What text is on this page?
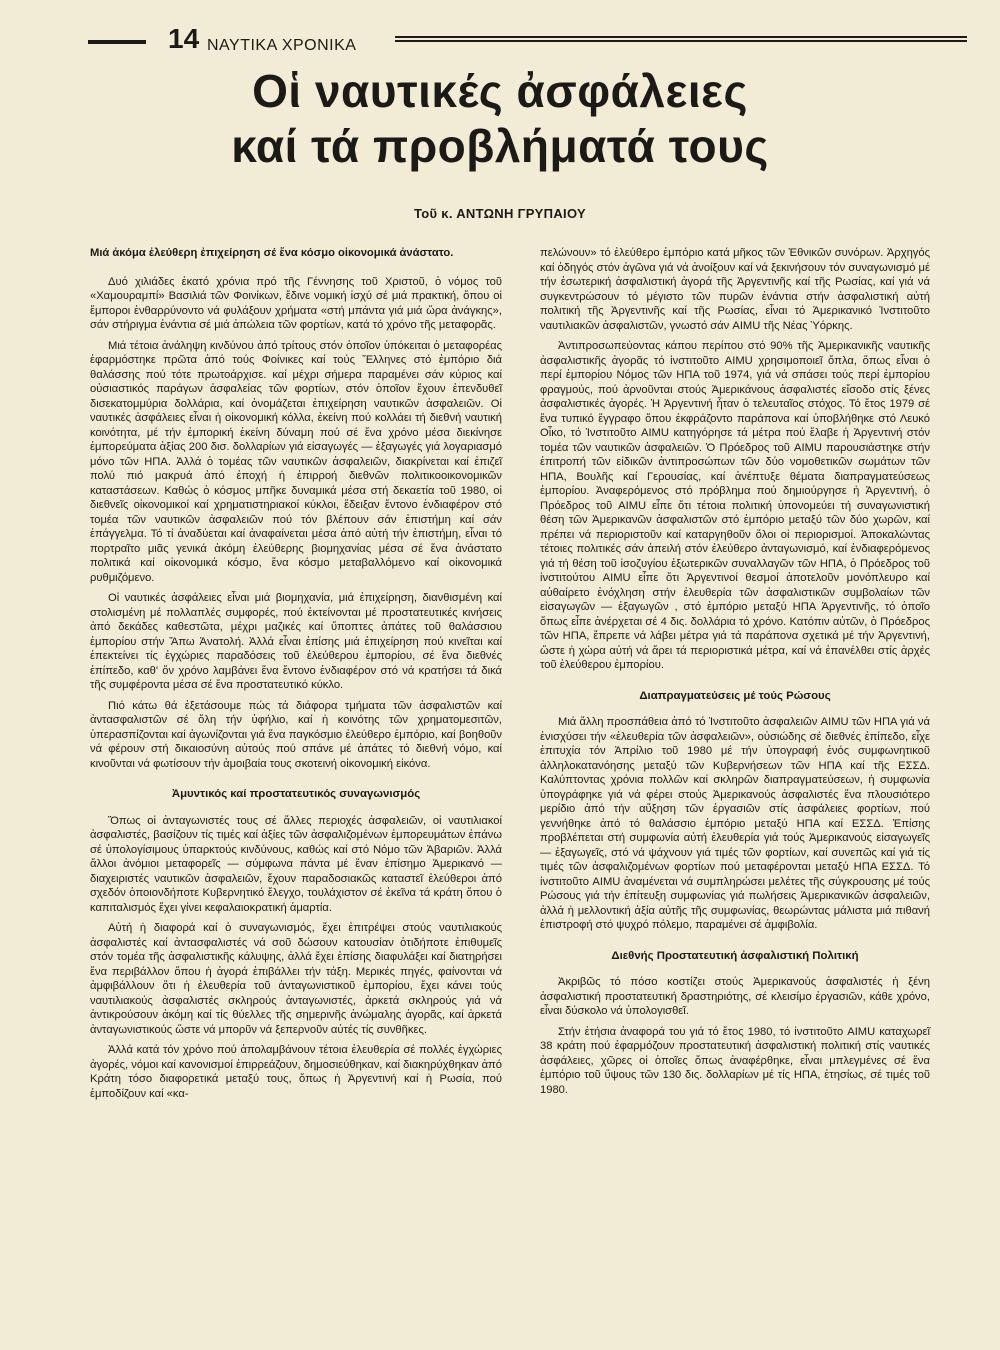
14 ΝΑΥΤΙΚΑ ΧΡΟΝΙΚΑ
Οἱ ναυτικές ἀσφάλειες
καί τά προβλήματά τους
Τοῦ κ. ΑΝΤΩΝΗ ΓΡΥΠΑΙΟΥ

Μιά ἀκόμα ἐλεύθερη ἐπιχείρηση σέ ἕνα κόσμο οἰκονομικά ἀνάστατο.

Δυό χιλιάδες ἑκατό χρόνια πρό τῆς Γέννησης τοῦ Χριστοῦ, ὁ νόμος τοῦ «Χαμουραμπί» Βασιλιά τῶν Φοινίκων, ἔδινε νομική ἰσχύ σέ μιά πρακτική, ὅπου οἱ ἔμποροι ἐνθαρρύνοντο νά φυλάξουν χρήματα «στή μπάντα γιά μιά ὥρα ἀνάγκης», σάν στήριγμα ἐνάντια σέ μιά ἀπώλεια τῶν φορτίων, κατά τό χρόνο τῆς μεταφορᾶς.

Μιά τέτοια ἀνάληψη κινδύνου ἀπό τρίτους στόν ὁποῖον ὑπόκειται ὁ μεταφορέας ἐφαρμόστηκε πρῶτα ἀπό τούς Φοίνικες καί τούς Ἕλληνες στό ἐμπόριο διά θαλάσσης πού τότε πρωτοάρχισε. καί μέχρι σήμερα παραμένει σάν κύριος καί οὐσιαστικός παράγων ἀσφαλείας τῶν φορτίων, στόν ὁποῖον ἔχουν ἐπενδυθεῖ δισεκατομμύρια δολλάρια, καί ὀνομάζεται ἐπιχείρηση ναυτικῶν ἀσφαλειῶν. Οἱ ναυτικές ἀσφάλειες εἶναι ἡ οἰκονομική κόλλα, ἐκείνη πού κολλάει τή διεθνή ναυτική κοινότητα, μέ τήν ἐμπορική ἐκείνη δύναμη πού σέ ἕνα χρόνο μέσα διεκίνησε ἐμπορεύματα ἀξίας 200 δισ. δολλαρίων γιά εἰσαγωγές — ἐξαγωγές γιά λογαριασμό μόνο τῶν ΗΠΑ. Ἀλλά ὁ τομέας τῶν ναυτικῶν ἀσφαλειῶν, διακρίνεται καί ἐπιζεῖ πολύ πιό μακρυά ἀπό ἐποχή ἡ ἐπιρροή διεθνῶν πολιτικοοικονομικῶν καταστάσεων. Καθώς ὁ κόσμος μπῆκε δυναμικά μέσα στή δεκαετία τοῦ 1980, οἱ διεθνεῖς οἰκονομικοί καί χρηματιστηριακοί κύκλοι, ἔδειξαν ἔντονο ἐνδιαφέρον στό τομέα τῶν ναυτικῶν ἀσφαλειῶν πού τόν βλέπουν σάν ἐπιστήμη καί σάν ἐπάγγελμα. Τό τί ἀναδύεται καί ἀναφαίνεται μέσα ἀπό αὐτή τήν ἐπιστήμη, εἶναι τό πορτραῖτο μιᾶς γενικά ἀκόμη ἐλεύθερης βιομηχανίας μέσα σέ ἕνα ἀνάστατο πολιτικά καί οἰκονομικά κόσμο, ἕνα κόσμο μεταβαλλόμενο καί οἰκονομικά ρυθμιζόμενο.

Οἱ ναυτικές ἀσφάλειες εἶναι μιά βιομηχανία, μιά ἐπιχείρηση, διανθισμένη καί στολισμένη μέ πολλαπλές συμφορές, πού ἐκτείνονται μέ προστατευτικές κινήσεις ἀπό δεκάδες καθεστῶτα, μέχρι μαζικές καί ὕποπτες ἀπάτες τοῦ θαλάσσιου ἐμπορίου στήν Ἄπω Ἀνατολή. Ἀλλά εἶναι ἐπίσης μιά ἐπιχείρηση πού κινεῖται καί ἐπεκτείνει τίς ἐγχώριες παραδόσεις τοῦ ἐλεύθερου ἐμπορίου, σέ ἕνα διεθνές ἐπίπεδο, καθ' ὅν χρόνο λαμβάνει ἕνα ἔντονο ἐνδιαφέρον στό νά κρατήσει τά δικά τῆς συμφέροντα μέσα σέ ἕνα προστατευτικό κύκλο.

Πιό κάτω θά ἐξετάσουμε πώς τά διάφορα τμήματα τῶν ἀσφαλιστῶν καί ἀντασφαλιστῶν σέ ὅλη τήν ὑφήλιο, καί ἡ κοινότης τῶν χρηματομεσιτῶν, ὑπερασπίζονται καί ἀγωνίζονται γιά ἕνα παγκόσμιο ἐλεύθερο ἐμπόριο, καί βοηθοῦν νά φέρουν στή δικαιοσύνη αὐτούς πού σπάνε μέ ἀπάτες τό διεθνή νόμο, καί κινοῦνται νά φωτίσουν τήν ἀμοιβαία τους σκοτεινή οἰκονομική εἰκόνα.

Ἀμυντικός καί προστατευτικός συναγωνισμός

Ὅπως οἱ ἀνταγωνιστές τους σέ ἄλλες περιοχές ἀσφαλειῶν, οἱ ναυτιλιακοί ἀσφαλιστές, βασίζουν τίς τιμές καί ἀξίες τῶν ἀσφαλιζομένων ἐμπορευμάτων ἐπάνω σέ ὑπολογίσιμους ὑπαρκτούς κινδύνους, καθώς καί στό Νόμο τῶν Ἀβαριῶν. Ἀλλά ἄλλοι ἀνόμιοι μεταφορεῖς — σύμφωνα πάντα μέ ἕναν ἐπίσημο Ἀμερικανό — διαχειριστές ναυτικῶν ἀσφαλειῶν, ἔχουν παραδοσιακῶς καταστεῖ ἐλεύθεροι ἀπό σχεδόν ὁποιονδήποτε Κυβερνητικό ἔλεγχο, τουλάχιστον σέ ἐκεῖνα τά κράτη ὅπου ὁ καπιταλισμός ἔχει γίνει κεφαλαιοκρατική ἁμαρτία.

Αὐτή ἡ διαφορά καί ὁ συναγωνισμός, ἔχει ἐπιτρέψει στούς ναυτιλιακούς ἀσφαλιστές καί ἀντασφαλιστές νά σοῦ δώσουν κατουσίαν ὁτιδήποτε ἐπιθυμεῖς στόν τομέα τῆς ἀσφαλιστικῆς κάλυψης, ἀλλά ἔχει ἐπίσης διαφυλάξει καί διατηρήσει ἕνα περιβάλλον ὅπου ἡ ἀγορά ἐπιβάλλει τήν τάξη. Μερικές πηγές, φαίνονται νά ἀμφιβάλλουν ὅτι ἡ ἐλευθερία τοῦ ἀνταγωνιστικοῦ ἐμπορίου, ἔχει κάνει τούς ναυτιλιακούς ἀσφαλιστές σκληρούς ἀνταγωνιστές, ἀρκετά σκληρούς γιά νά ἀντικρούσουν ἀκόμη καί τίς θύελλες τῆς σημερινῆς ἀνώμαλης ἀγορᾶς, καί ἀρκετά ἀνταγωνιστικούς ὥστε νά μπορῦν νά ξεπερνοῦν αὐτές τίς συνθῆκες.

Ἀλλά κατά τόν χρόνο πού ἀπολαμβάνουν τέτοια ἐλευθερία σέ πολλές ἐγχώριες ἀγορές, νόμοι καί κανονισμοί ἐπιρρεάζουν, δημοσιεύθηκαν, καί διακηρύχθηκαν ἀπό Κράτη τόσο διαφορετικά μεταξύ τους, ὅπως ἡ Ἀργεντινή καί ἡ Ρωσία, πού ἐμποδίζουν καί «κα-

πελώνουν» τό ἐλεύθερο ἐμπόριο κατά μῆκος τῶν Ἐθνικῶν συνόρων. Ἀρχηγός καί ὁδηγός στόν ἀγῶνα γιά νά ἀνοίξουν καί νά ξεκινήσουν τόν συναγωνισμό μέ τήν ἐσωτερική ἀσφαλιστική ἀγορά τῆς Ἀργεντινῆς καί τῆς Ρωσίας, καί γιά νά συγκεντρώσουν τό μέγιστο τῶν πυρῶν ἐνάντια στήν ἀσφαλιστική αὐτή πολιτική τῆς Ἀργεντινῆς καί τῆς Ρωσίας, εἶναι τό Ἀμερικανικό Ἰνστιτοῦτο ναυτιλιακῶν ἀσφαλιστῶν, γνωστό σάν AIMU τῆς Νέας Ὑόρκης.

Ἀντιπροσωπεύοντας κάπου περίπου στό 90% τῆς Ἀμερικανικῆς ναυτικῆς ἀσφαλιστικῆς ἀγορᾶς τό ἰνστιτοῦτο AIMU χρησιμοποιεῖ ὅπλα, ὅπως εἶναι ὁ περί ἐμπορίου Νόμος τῶν ΗΠΑ τοῦ 1974, γιά νά σπάσει τούς περί ἐμπορίου φραγμούς, πού ἀρνοῦνται στούς Ἀμερικάνους ἀσφαλιστές εἴσοδο στίς ξένες ἀσφαλιστικές ἀγορές. Ἡ Ἀργεντινή ἦταν ὁ τελευταῖος στόχος. Τό ἔτος 1979 σέ ἕνα τυπικό ἔγγραφο ὅπου ἐκφράζοντο παράπονα καί ὑποβλήθηκε στό Λευκό Οἶκο, τό Ἰνστιτοῦτο AIMU κατηγόρησε τά μέτρα πού ἔλαβε ἡ Ἀργεντινή στόν τομέα τῶν ναυτικῶν ἀσφαλειῶν. Ὁ Πρόεδρος τοῦ AIMU παρουσιάστηκε στήν ἐπιτροπή τῶν εἰδικῶν ἀντιπροσώπων τῶν δύο νομοθετικῶν σωμάτων τῶν ΗΠΑ, Βουλῆς καί Γερουσίας, καί ἀνέπτυξε θέματα διαπραγματεύσεως ἐμπορίου. Ἀναφερόμενος στό πρόβλημα πού δημιούργησε ἡ Ἀργεντινή, ὁ Πρόεδρος τοῦ AIMU εἶπε ὅτι τέτοια πολιτική ὑπονομεύει τή συναγωνιστική θέση τῶν Ἀμερικανῶν ἀσφαλιστῶν στό ἐμπόριο μεταξύ τῶν δύο χωρῶν, καί πρέπει νά περιοριστοῦν καί καταργηθοῦν ὅλοι οἱ περιορισμοί. Ἀποκαλώντας τέτοιες πολιτικές σάν ἀπειλή στόν ἐλεύθερο ἀνταγωνισμό, καί ἐνδιαφερόμενος γιά τή θέση τοῦ ἰσοζυγίου ἐξωτερικῶν συναλλαγῶν τῶν ΗΠΑ, ὁ Πρόεδρος τοῦ ἰνστιτούτου AIMU εἶπε ὅτι Ἀργεντινοί θεσμοί ἀποτελοῦν μονόπλευρο καί αὐθαίρετο ἐνόχληση στήν ἐλευθερία τῶν ἀσφαλιστικῶν συμβολαίων τῶν εἰσαγωγῶν — ἐξαγωγῶν , στό ἐμπόριο μεταξύ ΗΠΑ Ἀργεντινῆς, τό ὁποῖο ὅπως εἶπε ἀνέρχεται σέ 4 δις. δολλάρια τό χρόνο. Κατόπιν αὐτῶν, ὁ Πρόεδρος τῶν ΗΠΑ, ἔπρεπε νά λάβει μέτρα γιά τά παράπονα σχετικά μέ τήν Ἀργεντινή, ὥστε ἡ χώρα αὐτή νά ἄρει τά περιοριστικά μέτρα, καί νά ἐπανέλθει στίς ἀρχές τοῦ ἐλεύθερου ἐμπορίου.

Διαπραγματεύσεις μέ τούς Ρώσους

Μιά ἄλλη προσπάθεια ἀπό τό Ἰνστιτοῦτο ἀσφαλειῶν AIMU τῶν ΗΠΑ γιά νά ἐνισχύσει τήν «ἐλευθερία τῶν ἀσφαλειῶν», οὐσιώδης σέ διεθνές ἐπίπεδο, εἶχε ἐπιτυχία τόν Ἀπρίλιο τοῦ 1980 μέ τήν ὑπογραφή ἑνός συμφωνητικοῦ ἀλληλοκατανόησης μεταξύ τῶν Κυβερνήσεων τῶν ΗΠΑ καί τῆς ΕΣΣΔ. Καλύπτοντας χρόνια πολλῶν καί σκληρῶν διαπραγματεύσεων, ἡ συμφωνία ὑπογράφηκε γιά νά φέρει στούς Ἀμερικανούς ἀσφαλιστές ἕνα πλουσιότερο μερίδιο ἀπό τήν αὔξηση τῶν ἐργασιῶν στίς ἀσφάλειες φορτίων, πού γεννήθηκε ἀπό τό θαλάσσιο ἐμπόριο μεταξύ ΗΠΑ καί ΕΣΣΔ. Ἐπίσης προβλέπεται στή συμφωνία αὐτή ἐλευθερία γιά τούς Ἀμερικανούς εἰσαγωγεῖς — ἐξαγωγεῖς, στό νά ψάχνουν γιά τιμές τῶν φορτίων, καί συνεπῶς καί γιά τίς τιμές τῶν ἀσφαλιζομένων φορτίων πού μεταφέρονται μεταξύ ΗΠΑ ΕΣΣΔ. Τό ἰνστιτοῦτο AIMU ἀναμένεται νά συμπληρώσει μελέτες τῆς σύγκρουσης μέ τούς Ρώσους γιά τήν ἐπίτευξη συμφωνίας γιά πωλήσεις Ἀμερικανικῶν ἀσφαλειῶν, ἀλλά ἡ μελλοντική ἀξία αὐτῆς τῆς συμφωνίας, θεωρώντας μάλιστα μιά πιθανή ἐπιστροφή στό ψυχρό πόλεμο, παραμένει σέ ἀμφιβολία.

Διεθνής Προστατευτική ἀσφαλιστική Πολιτική

Ἀκριβῶς τό πόσο κοστίζει στούς Ἀμερικανούς ἀσφαλιστές ἡ ξένη ἀσφαλιστική προστατευτική δραστηριότης, σέ κλεισίμο ἐργασιῶν, κάθε χρόνο, εἶναι δύσκολο νά ὑπολογισθεῖ.

Στήν ἐτήσια ἀναφορά του γιά τό ἔτος 1980, τό ἰνστιτοῦτο AIMU καταχωρεῖ 38 κράτη πού ἐφαρμόζουν προστατευτική ἀσφαλιστική πολιτική στίς ναυτικές ἀσφάλειες, χῶρες οἱ ὁποῖες ὅπως ἀναφέρθηκε, εἶναι μπλεγμένες σέ ἕνα ἐμπόριο τοῦ ὕψους τῶν 130 δις. δολλαρίων μέ τίς ΗΠΑ, ἐτησίως, σέ τιμές τοῦ 1980.
